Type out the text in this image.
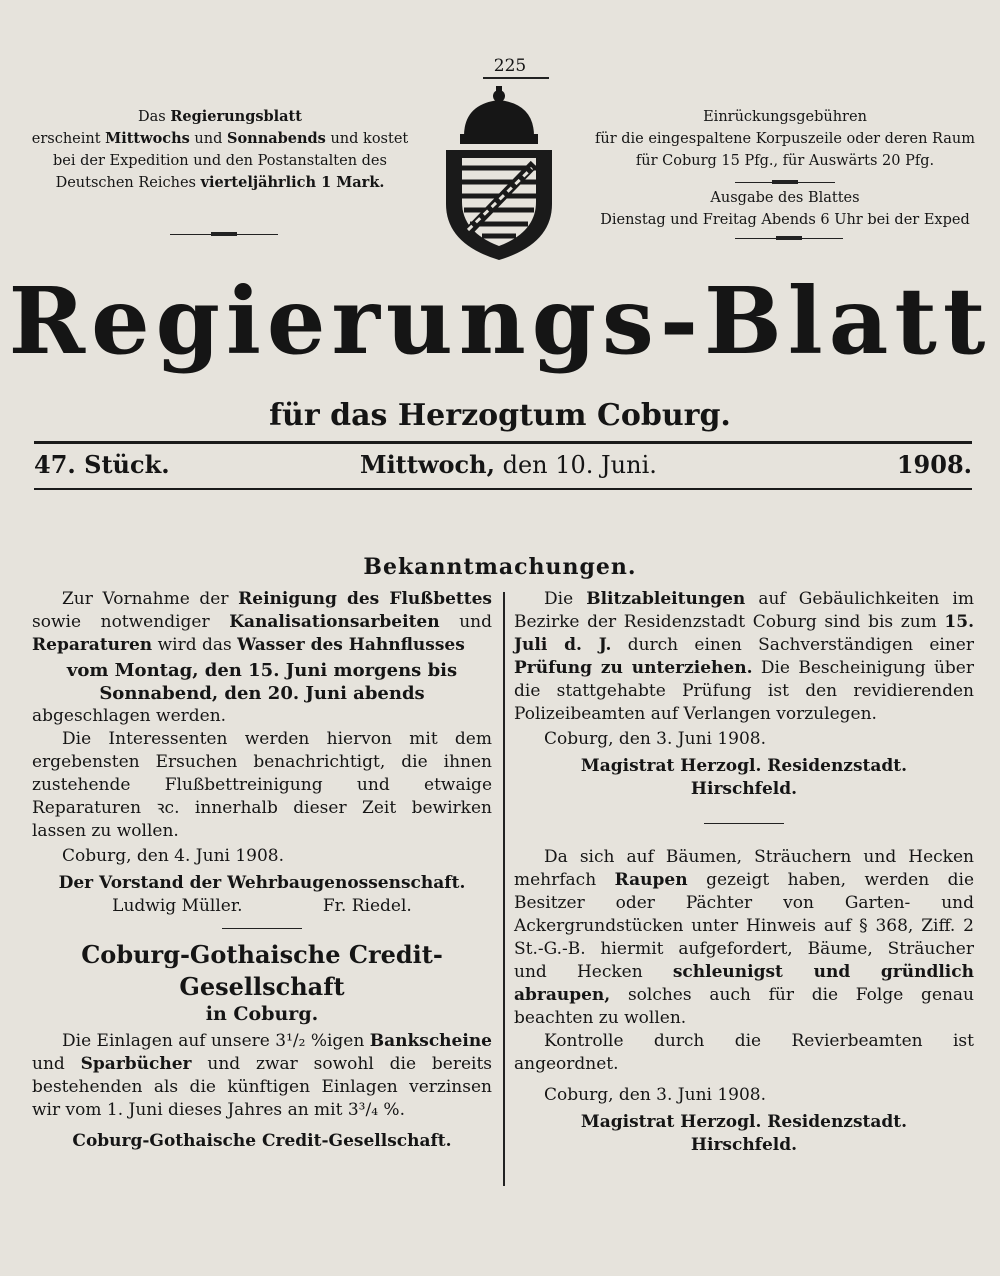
225
Das Regierungsblatt
erscheint Mittwochs und Sonnabends und kostet
bei der Expedition und den Postanstalten des
Deutschen Reiches vierteljährlich 1 Mark.
Einrückungsgebühren
für die eingespaltene Korpuszeile oder deren Raum
für Coburg 15 Pfg., für Auswärts 20 Pfg.
Ausgabe des Blattes
Dienstag und Freitag Abends 6 Uhr bei der Exped
Regierungs-Blatt
für das Herzogtum Coburg.
47. Stück.	Mittwoch, den 10. Juni.	1908.
Bekanntmachungen.

Zur Vornahme der Reinigung des Flußbettes sowie notwendiger Kanalisationsarbeiten und Reparaturen wird das Wasser des Hahnflusses

vom Montag, den 15. Juni morgens bis

Sonnabend, den 20. Juni abends

abgeschlagen werden.

Die Interessenten werden hiervon mit dem ergebensten Ersuchen benachrichtigt, die ihnen zustehende Flußbettreinigung und etwaige Reparaturen ꝛc. innerhalb dieser Zeit bewirken lassen zu wollen.

Coburg, den 4. Juni 1908.

Der Vorstand der Wehrbaugenossenschaft.

Ludwig Müller.	Fr. Riedel.

Coburg-Gothaische Credit-Gesellschaft

in Coburg.

Die Einlagen auf unsere 3¹/₂ %igen Bankscheine und Sparbücher und zwar sowohl die bereits bestehenden als die künftigen Einlagen verzinsen wir vom 1. Juni dieses Jahres an mit 3³/₄ %.

Coburg-Gothaische Credit-Gesellschaft.

Die Blitzableitungen auf Gebäulichkeiten im Bezirke der Residenzstadt Coburg sind bis zum 15. Juli d. J. durch einen Sachverständigen einer Prüfung zu unterziehen. Die Bescheinigung über die stattgehabte Prüfung ist den revidierenden Polizeibeamten auf Verlangen vorzulegen.

Coburg, den 3. Juni 1908.

Magistrat Herzogl. Residenzstadt.

Hirschfeld.

Da sich auf Bäumen, Sträuchern und Hecken mehrfach Raupen gezeigt haben, werden die Besitzer oder Pächter von Garten- und Ackergrundstücken unter Hinweis auf § 368, Ziff. 2 St.-G.-B. hiermit aufgefordert, Bäume, Sträucher und Hecken schleunigst und gründlich abraupen, solches auch für die Folge genau beachten zu wollen.

Kontrolle durch die Revierbeamten ist angeordnet.

Coburg, den 3. Juni 1908.

Magistrat Herzogl. Residenzstadt.

Hirschfeld.
